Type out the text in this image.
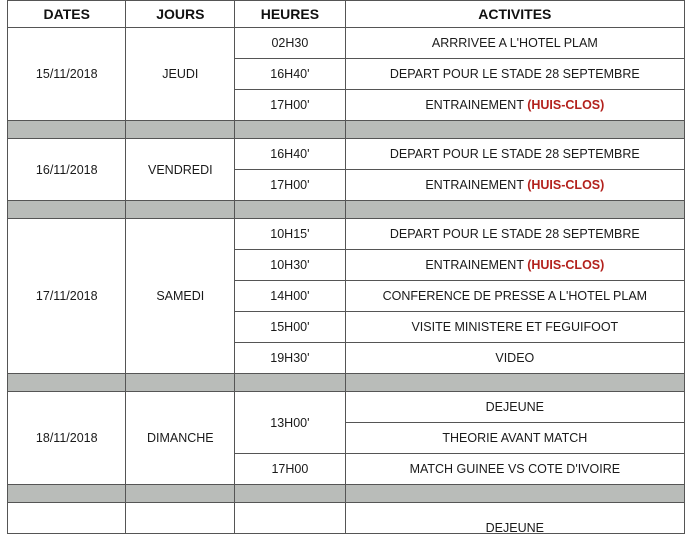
DATES	JOURS	HEURES	ACTIVITES
15/11/2018	JEUDI	02H30	ARRRIVEE A L'HOTEL PLAM
		16H40'	DEPART POUR LE STADE 28 SEPTEMBRE
		17H00'	ENTRAINEMENT (HUIS-CLOS)

16/11/2018	VENDREDI	16H40'	DEPART POUR LE STADE 28 SEPTEMBRE
		17H00'	ENTRAINEMENT (HUIS-CLOS)

17/11/2018	SAMEDI	10H15'	DEPART POUR LE STADE 28 SEPTEMBRE
		10H30'	ENTRAINEMENT (HUIS-CLOS)
		14H00'	CONFERENCE DE PRESSE A L'HOTEL PLAM
		15H00'	VISITE MINISTERE ET FEGUIFOOT
		19H30'	VIDEO

18/11/2018	DIMANCHE	13H00'	DEJEUNE
			THEORIE AVANT MATCH
		17H00	MATCH GUINEE VS COTE D'IVOIRE

			DEJEUNE
